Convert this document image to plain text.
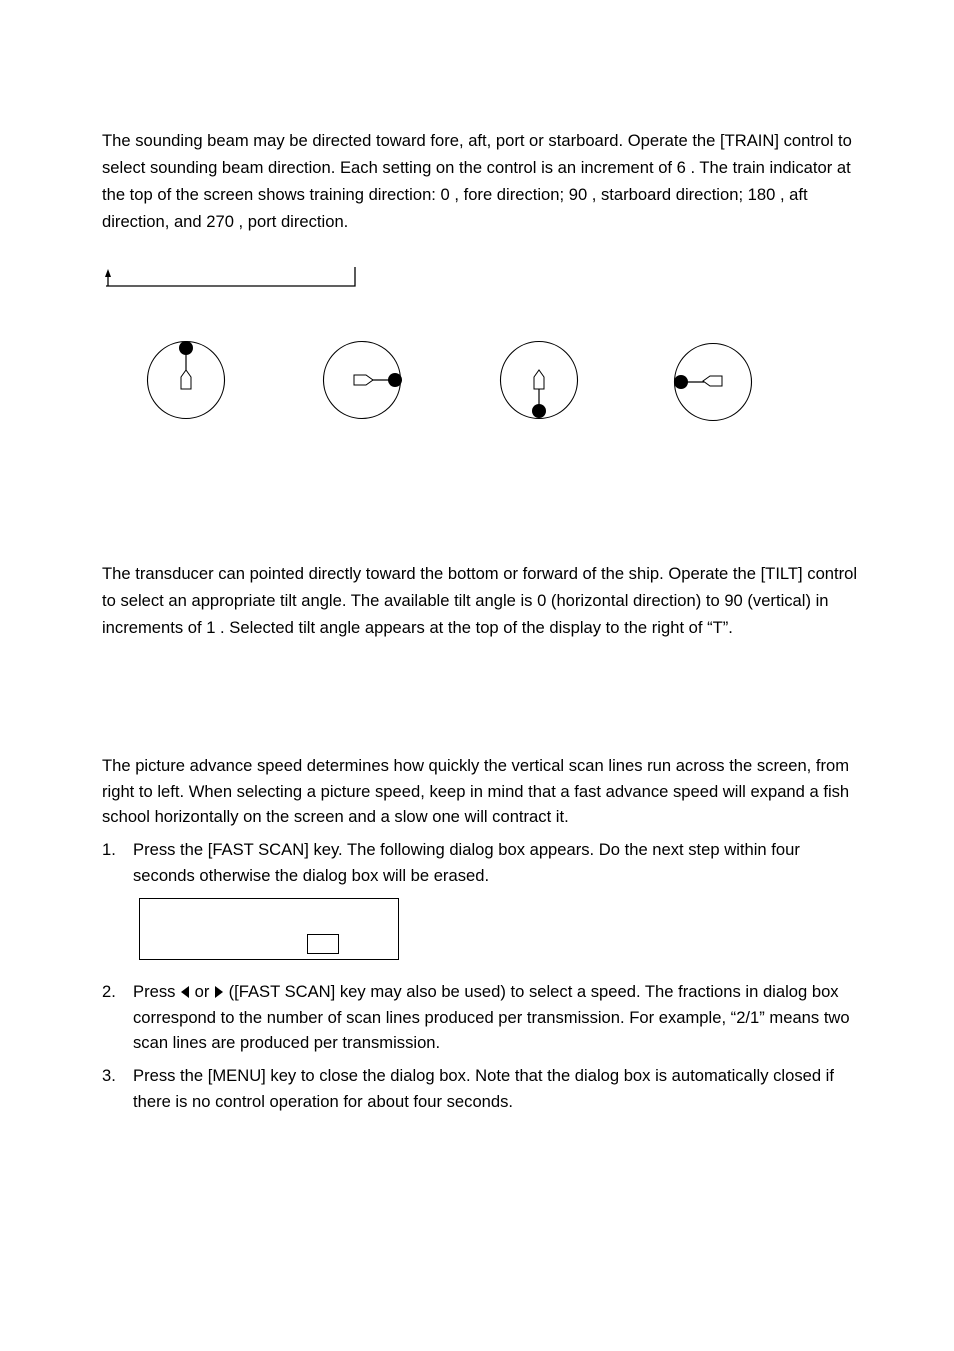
The sounding beam may be directed toward fore, aft, port or starboard. Operate the [TRAIN] control to select sounding beam direction. Each setting on the control is an increment of 6 . The train indicator at the top of the screen shows training direction: 0 , fore direction; 90 , starboard direction; 180 , aft direction, and 270 , port direction.

The transducer can pointed directly toward the bottom or forward of the ship. Operate the [TILT] control to select an appropriate tilt angle. The available tilt angle is 0 (horizontal direction) to 90 (vertical) in increments of 1 . Selected tilt angle appears at the top of the display to the right of “T”.

The picture advance speed determines how quickly the vertical scan lines run across the screen, from right to left. When selecting a picture speed, keep in mind that a fast advance speed will expand a fish school horizontally on the screen and a slow one will contract it.

1. Press the [FAST SCAN] key. The following dialog box appears. Do the next step within four seconds otherwise the dialog box will be erased.
2. Press  or  ([FAST SCAN] key may also be used) to select a speed. The fractions in dialog box correspond to the number of scan lines produced per transmission. For example, “2/1” means two scan lines are produced per transmission.
3. Press the [MENU] key to close the dialog box. Note that the dialog box is automatically closed if there is no control operation for about four seconds.
